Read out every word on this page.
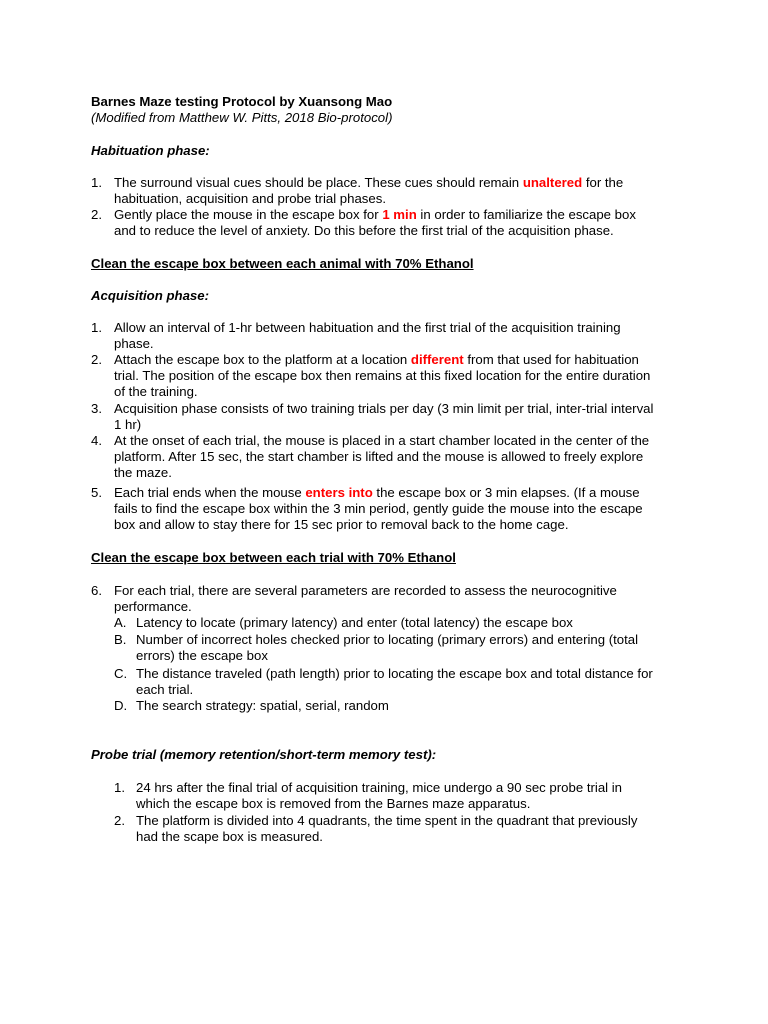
Barnes Maze testing Protocol by Xuansong Mao
(Modified from Matthew W. Pitts, 2018 Bio-protocol)
Habituation phase:
1. The surround visual cues should be place. These cues should remain unaltered for the
habituation, acquisition and probe trial phases.
2. Gently place the mouse in the escape box for 1 min in order to familiarize the escape box
and to reduce the level of anxiety. Do this before the first trial of the acquisition phase.
Clean the escape box between each animal with 70% Ethanol
Acquisition phase:
1. Allow an interval of 1-hr between habituation and the first trial of the acquisition training
phase.
2. Attach the escape box to the platform at a location different from that used for habituation
trial. The position of the escape box then remains at this fixed location for the entire duration
of the training.
3. Acquisition phase consists of two training trials per day (3 min limit per trial, inter-trial interval
1 hr)
4. At the onset of each trial, the mouse is placed in a start chamber located in the center of the
platform. After 15 sec, the start chamber is lifted and the mouse is allowed to freely explore
the maze.
5. Each trial ends when the mouse enters into the escape box or 3 min elapses. (If a mouse
fails to find the escape box within the 3 min period, gently guide the mouse into the escape
box and allow to stay there for 15 sec prior to removal back to the home cage.
Clean the escape box between each trial with 70% Ethanol
6. For each trial, there are several parameters are recorded to assess the neurocognitive
performance.
A. Latency to locate (primary latency) and enter (total latency) the escape box
B. Number of incorrect holes checked prior to locating (primary errors) and entering (total
errors) the escape box
C. The distance traveled (path length) prior to locating the escape box and total distance for
each trial.
D. The search strategy: spatial, serial, random
Probe trial (memory retention/short-term memory test):
1. 24 hrs after the final trial of acquisition training, mice undergo a 90 sec probe trial in
which the escape box is removed from the Barnes maze apparatus.
2. The platform is divided into 4 quadrants, the time spent in the quadrant that previously
had the scape box is measured.
